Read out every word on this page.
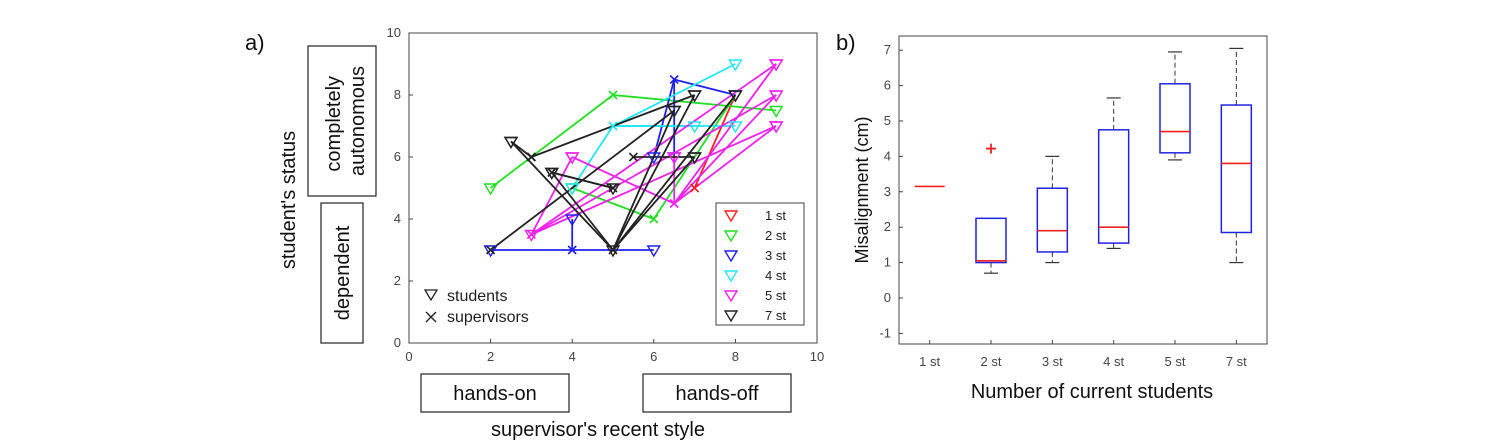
a)
0	2	4	6	8	10
0
2
4
6
8
10
student's status
completely autonomous
dependent
hands-on	hands-off
supervisor's recent style
students
supervisors
1 st
2 st
3 st
4 st
5 st
7 st
b)
-1
0
1
2
3
4
5
6
7
1 st	2 st	3 st	4 st	5 st	7 st
Misalignment (cm)
Number of current students
